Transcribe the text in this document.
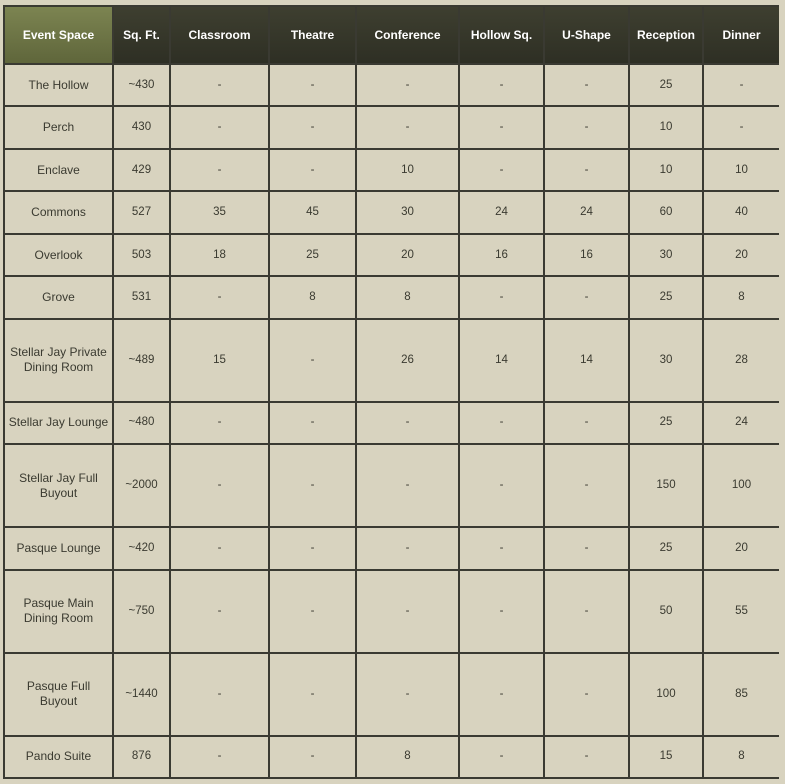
Event Space	Sq. Ft.	Classroom	Theatre	Conference	Hollow Sq.	U-Shape	Reception	Dinner
The Hollow	~430	-	-	-	-	-	25	-
Perch	430	-	-	-	-	-	10	-
Enclave	429	-	-	10	-	-	10	10
Commons	527	35	45	30	24	24	60	40
Overlook	503	18	25	20	16	16	30	20
Grove	531	-	8	8	-	-	25	8
Stellar Jay Private Dining Room	~489	15	-	26	14	14	30	28
Stellar Jay Lounge	~480	-	-	-	-	-	25	24
Stellar Jay Full Buyout	~2000	-	-	-	-	-	150	100
Pasque Lounge	~420	-	-	-	-	-	25	20
Pasque Main Dining Room	~750	-	-	-	-	-	50	55
Pasque Full Buyout	~1440	-	-	-	-	-	100	85
Pando Suite	876	-	-	8	-	-	15	8
